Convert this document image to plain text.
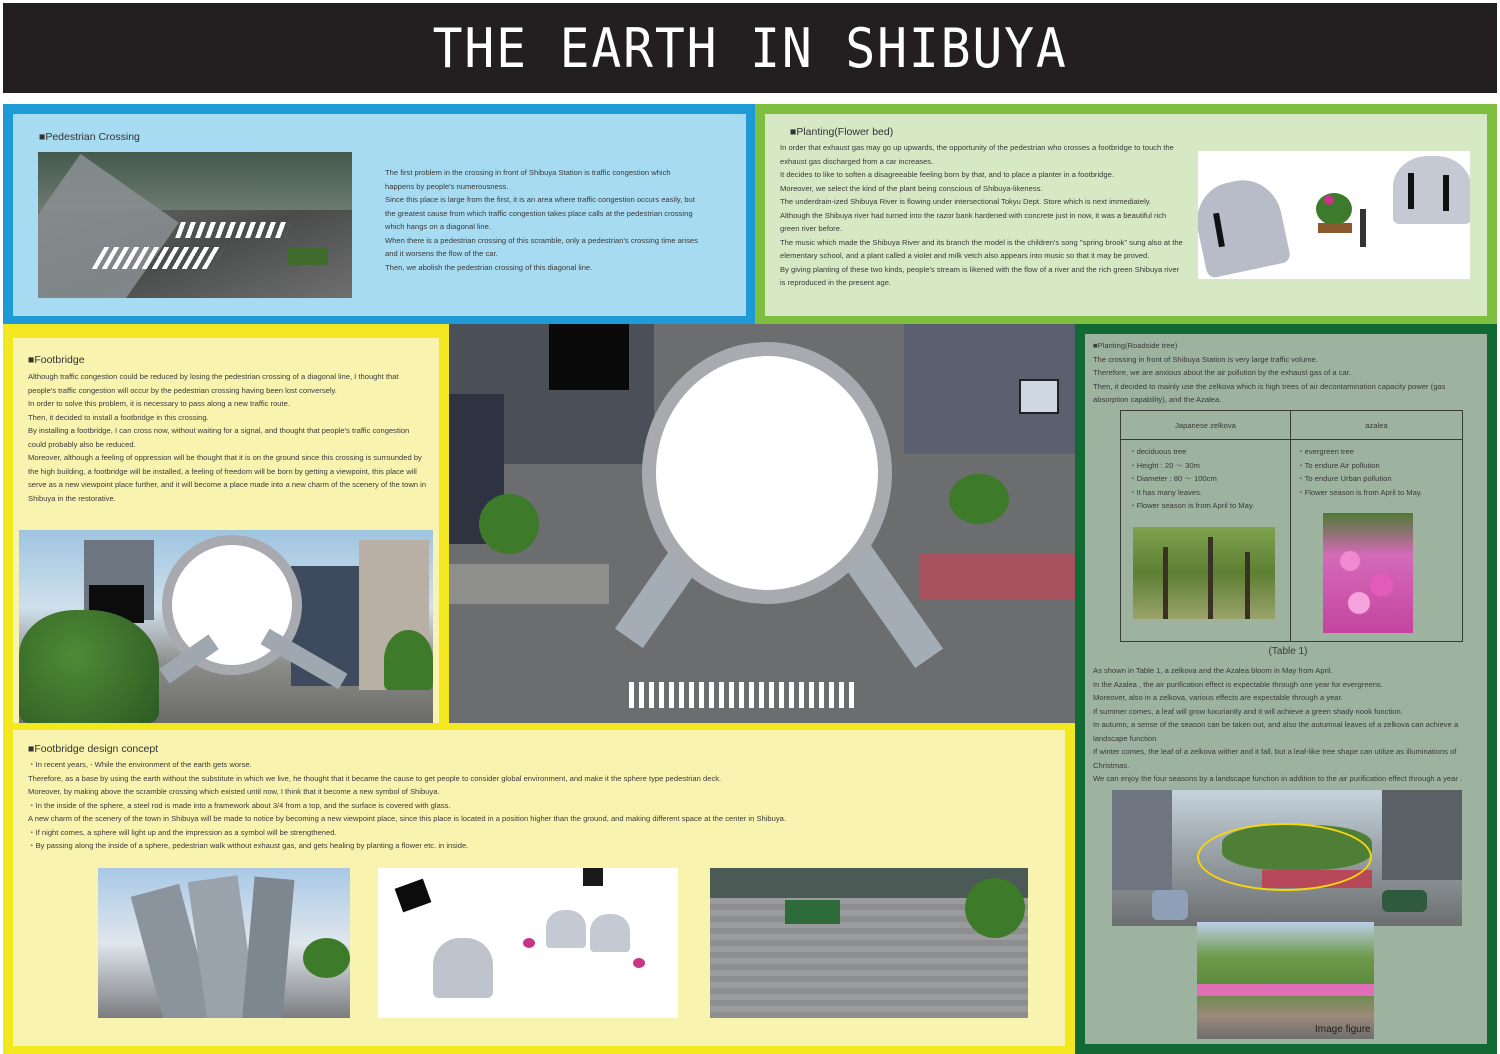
THE EARTH IN SHIBUYA
■Pedestrian Crossing
The first problem in the crossing in front of Shibuya Station is traffic congestion which happens by people's numerousness.
Since this place is large from the first, it is an area where traffic congestion occurs easily, but the greatest cause from which traffic congestion takes place calls at the pedestrian crossing which hangs on a diagonal line.
When there is a pedestrian crossing of this scramble, only a pedestrian's crossing time arises and it worsens the flow of the car.
Then, we abolish the pedestrian crossing of this diagonal line.
■Planting(Flower bed)
In order that exhaust gas may go up upwards, the opportunity of the pedestrian who crosses a footbridge to touch the exhaust gas discharged from a car increases.
It decides to like to soften a disagreeable feeling born by that, and to place a planter in a footbridge.
Moreover, we select the kind of the plant being conscious of Shibuya-likeness.
The underdrain-ized Shibuya River is flowing under intersectional Tokyu Dept. Store which is next immediately.
Although the Shibuya river had turned into the razor bank hardened with concrete just in now, it was a beautiful rich green river before.
The music which made the Shibuya River and its branch the model is the children's song "spring brook" sung also at the elementary school, and a plant called a violet and milk vetch also appears into music so that it may be proved.
By giving planting of these two kinds, people's stream is likened with the flow of a river and the rich green Shibuya river is reproduced in the present age.
■Footbridge
Although traffic congestion could be reduced by losing the pedestrian crossing of a diagonal line, I thought that people's traffic congestion will occur by the pedestrian crossing having been lost conversely.
In order to solve this problem, it is necessary to pass along a new traffic route.
Then, it decided to install a footbridge in this crossing.
By installing a footbridge, I can cross now, without waiting for a signal, and thought that people's traffic congestion could probably also be reduced.
Moreover, although a feeling of oppression will be thought that it is on the ground since this crossing is surrounded by the high building, a footbridge will be installed, a feeling of freedom will be born by getting a viewpoint, this place will serve as a new viewpoint place further, and it will become a place made into a new charm of the scenery of the town in Shibuya in the restorative.
■Footbridge design concept
・In recent years, - While the environment of the earth gets worse.
Therefore, as a base by using the earth without the substitute in which we live, he thought that it became the cause to get people to consider global environment, and make it the sphere type pedestrian deck.
Moreover, by making above the scramble crossing which existed until now, I think that it become a new symbol of Shibuya.
・In the inside of the sphere, a steel rod is made into a framework about 3/4 from a top, and the surface is covered with glass.
A new charm of the scenery of the town in Shibuya will be made to notice by becoming a new viewpoint place, since this place is located in a position higher than the ground, and making different space at the center in Shibuya.
・If night comes, a sphere will light up and the impression as a symbol will be strengthened.
・By passing along the inside of a sphere, pedestrian walk without exhaust gas, and gets healing by planting a flower etc. in inside.
■Planting(Roadside tree)
The crossing in front of Shibuya Station is very large traffic volume.
Therefore, we are anxious about the air pollution by the exhaust gas of a car.
Then, it decided to mainly use the zelkova which is high trees of air decontamination capacity power (gas absorption capability), and the Azalea.
Japanese zelkova	azalea
・deciduous tree
・Height : 20 ～ 30m
・Diameter : 80 ～ 100cm
・It has many leaves.
・Flower season is from April to May.
・evergreen tree
・To endure Air pollution
・To endure Urban pollution
・Flower season is from April to May.
(Table 1)
As shown in Table 1, a zelkova and the Azalea bloom in May from April.
In the Azalea , the air purification effect is expectable through one year for evergreens.
Moreover, also in a zelkova, various effects are expectable through a year.
If summer comes, a leaf will grow luxuriantly and it will achieve a green shady nook function.
In autumn, a sense of the season can be taken out, and also the autumnal leaves of a zelkova can achieve a landscape function
If winter comes, the leaf of a zelkova wither and it fall, but a leaf-like tree shape can utilize as illuminations of Christmas.
We can enjoy the four seasons by a landscape function in addition to the air purification effect through a year .
Image figure
